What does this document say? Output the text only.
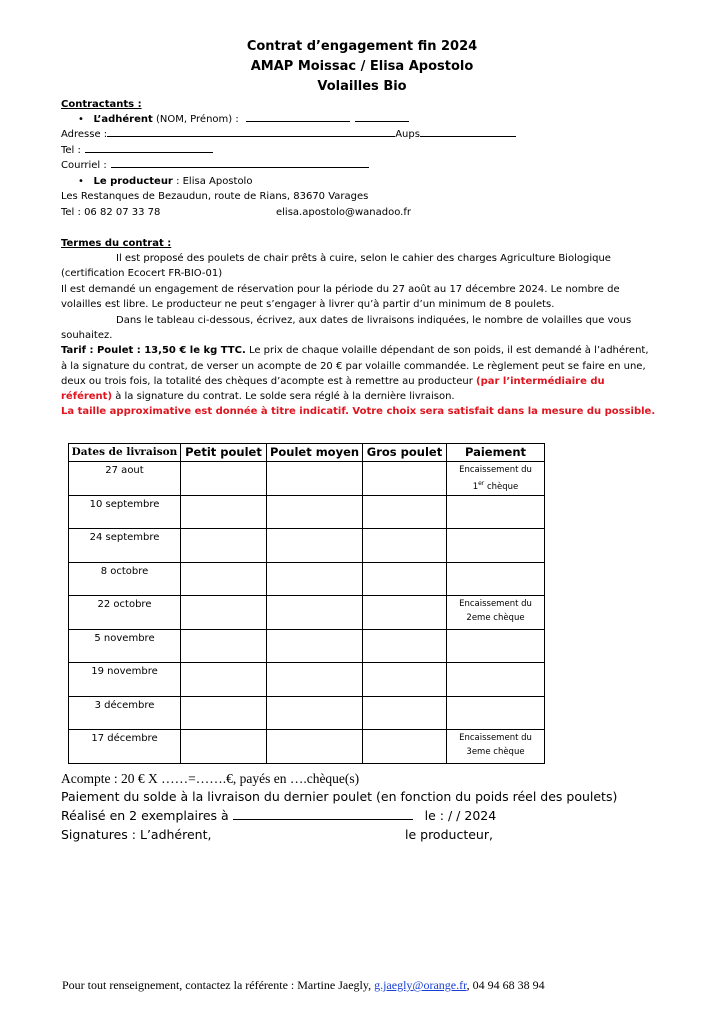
Contrat d’engagement fin 2024
AMAP Moissac / Elisa Apostolo
Volailles Bio
Contractants :
• L’adhérent (NOM, Prénom) :
Adresse :	Aups
Tel :
Courriel :
• Le producteur : Elisa Apostolo
Les Restanques de Bezaudun, route de Rians, 83670 Varages
Tel : 06 82 07 33 78	elisa.apostolo@wanadoo.fr
Termes du contrat :
Il est proposé des poulets de chair prêts à cuire, selon le cahier des charges Agriculture Biologique
(certification Ecocert FR-BIO-01)
Il est demandé un engagement de réservation pour la période du 27 août au 17 décembre 2024. Le nombre de
volailles est libre. Le producteur ne peut s’engager à livrer qu’à partir d’un minimum de 8 poulets.
Dans le tableau ci-dessous, écrivez, aux dates de livraisons indiquées, le nombre de volailles que vous
souhaitez.
Tarif : Poulet : 13,50 € le kg TTC. Le prix de chaque volaille dépendant de son poids, il est demandé à l’adhérent,
à la signature du contrat, de verser un acompte de 20 € par volaille commandée. Le règlement peut se faire en une,
deux ou trois fois, la totalité des chèques d’acompte est à remettre au producteur (par l’intermédiaire du
référent) à la signature du contrat. Le solde sera réglé à la dernière livraison.
La taille approximative est donnée à titre indicatif. Votre choix sera satisfait dans la mesure du possible.
Dates de livraison	Petit poulet	Poulet moyen	Gros poulet	Paiement
27 aout				Encaissement du
1er chèque

10 septembre				
24 septembre				
8 octobre				
22 octobre				Encaissement du
2eme chèque

5 novembre				
19 novembre				
3 décembre				
17 décembre				Encaissement du
3eme chèque
Acompte : 20 € X ……=…….€, payés en ….chèque(s)
Paiement du solde à la livraison du dernier poulet (en fonction du poids réel des poulets)
Réalisé en 2 exemplaires à	le : / / 2024
Signatures : L’adhérent,	le producteur,
Pour tout renseignement, contactez la référente : Martine Jaegly, g.jaegly@orange.fr, 04 94 68 38 94
